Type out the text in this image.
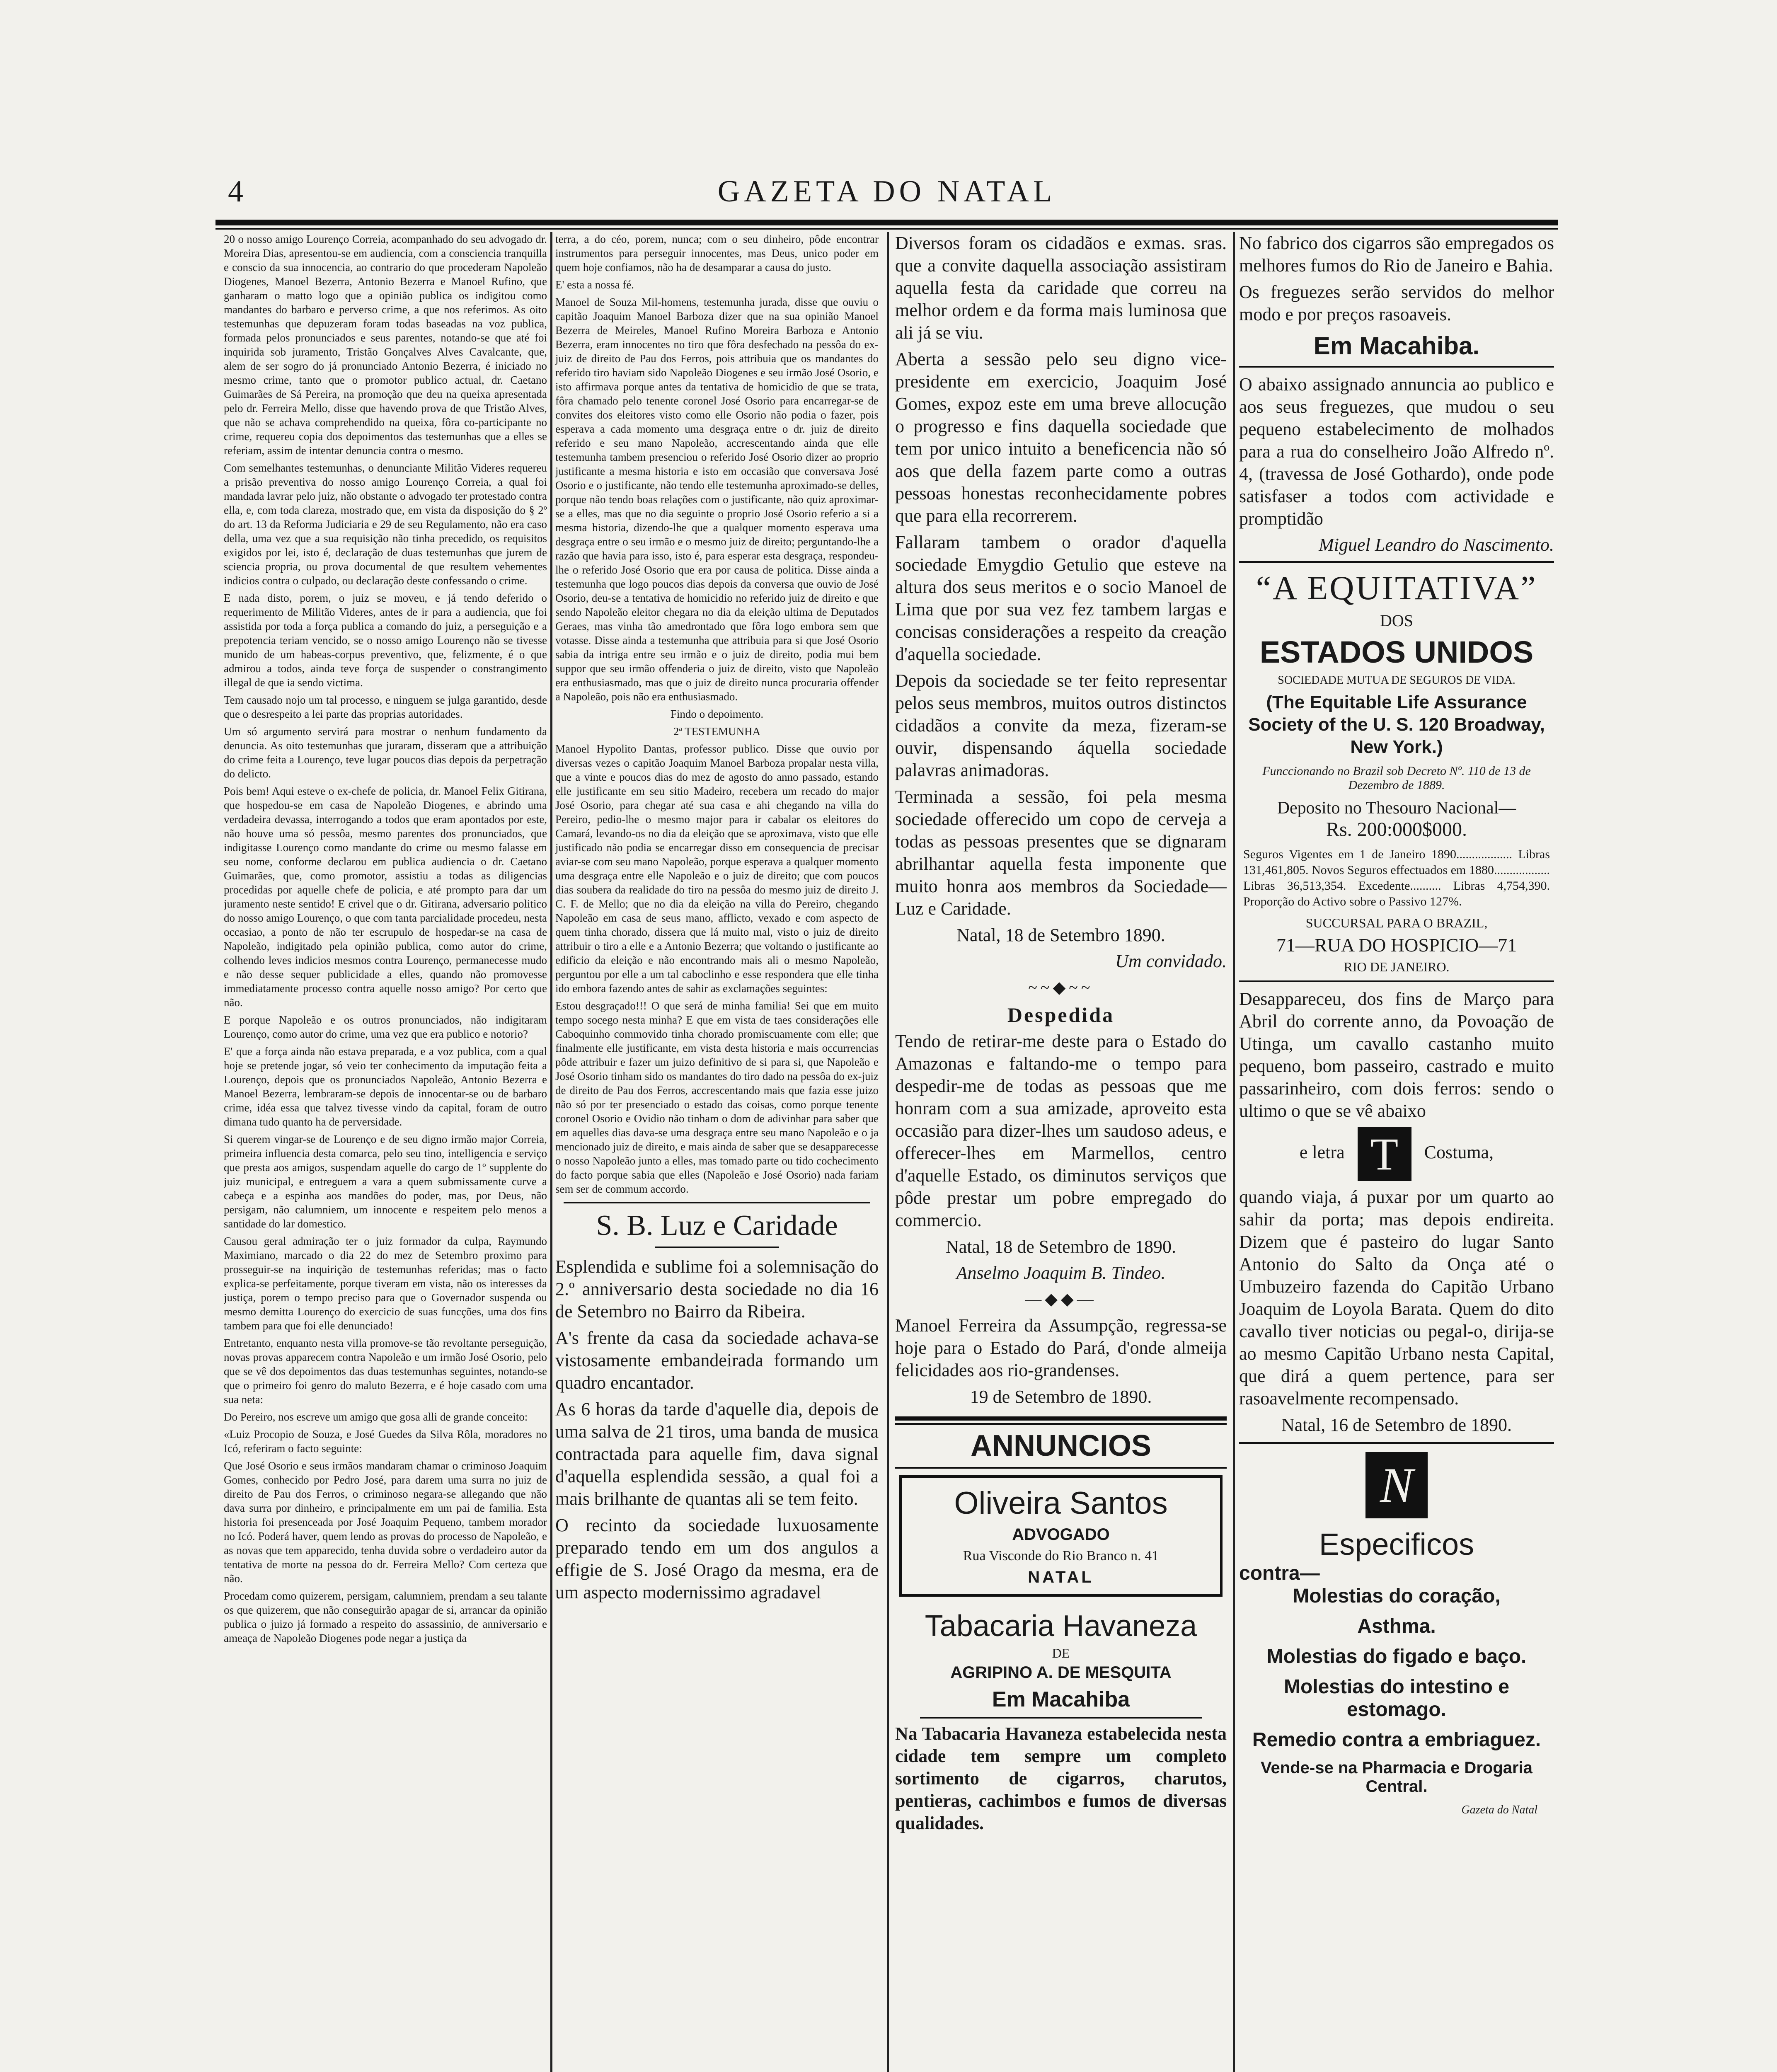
4	GAZETA DO NATAL

20 o nosso amigo Lourenço Correia, acompanhado do seu advogado dr. Moreira Dias, apresentou-se em audiencia, com a consciencia tranquilla e conscio da sua innocencia, ao contrario do que procederam Napoleão Diogenes, Manoel Bezerra, Antonio Bezerra e Manoel Rufino, que ganharam o matto logo que a opinião publica os indigitou como mandantes do barbaro e perverso crime, a que nos referimos. As oito testemunhas que depuzeram foram todas baseadas na voz publica, formada pelos pronunciados e seus parentes, notando-se que até foi inquirida sob juramento, Tristão Gonçalves Alves Cavalcante, que, alem de ser sogro do já pronunciado Antonio Bezerra, é iniciado no mesmo crime, tanto que o promotor publico actual, dr. Caetano Guimarães de Sá Pereira, na promoção que deu na queixa apresentada pelo dr. Ferreira Mello, disse que havendo prova de que Tristão Alves, que não se achava comprehendido na queixa, fôra co-participante no crime, requereu copia dos depoimentos das testemunhas que a elles se referiam, assim de intentar denuncia contra o mesmo.

Com semelhantes testemunhas, o denunciante Militão Videres requereu a prisão preventiva do nosso amigo Lourenço Correia, a qual foi mandada lavrar pelo juiz, não obstante o advogado ter protestado contra ella, e, com toda clareza, mostrado que, em vista da disposição do § 2º do art. 13 da Reforma Judiciaria e 29 de seu Regulamento, não era caso della, uma vez que a sua requisição não tinha precedido, os requisitos exigidos por lei, isto é, declaração de duas testemunhas que jurem de sciencia propria, ou prova documental de que resultem vehementes indicios contra o culpado, ou declaração deste confessando o crime.

E nada disto, porem, o juiz se moveu, e já tendo deferido o requerimento de Militão Videres, antes de ir para a audiencia, que foi assistida por toda a força publica a comando do juiz, a perseguição e a prepotencia teriam vencido, se o nosso amigo Lourenço não se tivesse munido de um habeas-corpus preventivo, que, felizmente, é o que admirou a todos, ainda teve força de suspender o constrangimento illegal de que ia sendo victima.

Tem causado nojo um tal processo, e ninguem se julga garantido, desde que o desrespeito a lei parte das proprias autoridades.

Um só argumento servirá para mostrar o nenhum fundamento da denuncia. As oito testemunhas que juraram, disseram que a attribuição do crime feita a Lourenço, teve lugar poucos dias depois da perpetração do delicto.

Pois bem! Aqui esteve o ex-chefe de policia, dr. Manoel Felix Gitirana, que hospedou-se em casa de Napoleão Diogenes, e abrindo uma verdadeira devassa, interrogando a todos que eram apontados por este, não houve uma só pessôa, mesmo parentes dos pronunciados, que indigitasse Lourenço como mandante do crime ou mesmo falasse em seu nome, conforme declarou em publica audiencia o dr. Caetano Guimarães, que, como promotor, assistiu a todas as diligencias procedidas por aquelle chefe de policia, e até prompto para dar um juramento neste sentido! E crivel que o dr. Gitirana, adversario politico do nosso amigo Lourenço, o que com tanta parcialidade procedeu, nesta occasiao, a ponto de não ter escrupulo de hospedar-se na casa de Napoleão, indigitado pela opinião publica, como autor do crime, colhendo leves indicios mesmos contra Lourenço, permanecesse mudo e não desse sequer publicidade a elles, quando não promovesse immediatamente processo contra aquelle nosso amigo? Por certo que não.

E porque Napoleão e os outros pronunciados, não indigitaram Lourenço, como autor do crime, uma vez que era publico e notorio?

E' que a força ainda não estava preparada, e a voz publica, com a qual hoje se pretende jogar, só veio ter conhecimento da imputação feita a Lourenço, depois que os pronunciados Napoleão, Antonio Bezerra e Manoel Bezerra, lembraram-se depois de innocentar-se ou de barbaro crime, idéa essa que talvez tivesse vindo da capital, foram de outro dimana tudo quanto ha de perversidade.

Si querem vingar-se de Lourenço e de seu digno irmão major Correia, primeira influencia desta comarca, pelo seu tino, intelligencia e serviço que presta aos amigos, suspendam aquelle do cargo de 1º supplente do juiz municipal, e entreguem a vara a quem submissamente curve a cabeça e a espinha aos mandões do poder, mas, por Deus, não persigam, não calumniem, um innocente e respeitem pelo menos a santidade do lar domestico.

Causou geral admiração ter o juiz formador da culpa, Raymundo Maximiano, marcado o dia 22 do mez de Setembro proximo para prosseguir-se na inquirição de testemunhas referidas; mas o facto explica-se perfeitamente, porque tiveram em vista, não os interesses da justiça, porem o tempo preciso para que o Governador suspenda ou mesmo demitta Lourenço do exercicio de suas funcções, uma dos fins tambem para que foi elle denunciado!

Entretanto, enquanto nesta villa promove-se tão revoltante perseguição, novas provas apparecem contra Napoleão e um irmão José Osorio, pelo que se vê dos depoimentos das duas testemunhas seguintes, notando-se que o primeiro foi genro do maluto Bezerra, e é hoje casado com uma sua neta:

Do Pereiro, nos escreve um amigo que gosa alli de grande conceito:

«Luiz Procopio de Souza, e José Guedes da Silva Rôla, moradores no Icó, referiram o facto seguinte:

Que José Osorio e seus irmãos mandaram chamar o criminoso Joaquim Gomes, conhecido por Pedro José, para darem uma surra no juiz de direito de Pau dos Ferros, o criminoso negara-se allegando que não dava surra por dinheiro, e principalmente em um pai de familia. Esta historia foi presenceada por José Joaquim Pequeno, tambem morador no Icó. Poderá haver, quem lendo as provas do processo de Napoleão, e as novas que tem apparecido, tenha duvida sobre o verdadeiro autor da tentativa de morte na pessoa do dr. Ferreira Mello? Com certeza que não.

Procedam como quizerem, persigam, calumniem, prendam a seu talante os que quizerem, que não conseguirão apagar de si, arrancar da opinião publica o juizo já formado a respeito do assassinio, de anniversario e ameaça de Napoleão Diogenes pode negar a justiça da

terra, a do céo, porem, nunca; com o seu dinheiro, pôde encontrar instrumentos para perseguir innocentes, mas Deus, unico poder em quem hoje confiamos, não ha de desamparar a causa do justo.

E' esta a nossa fé.

Manoel de Souza Mil-homens, testemunha jurada, disse que ouviu o capitão Joaquim Manoel Barboza dizer que na sua opinião Manoel Bezerra de Meireles, Manoel Rufino Moreira Barboza e Antonio Bezerra, eram innocentes no tiro que fôra desfechado na pessôa do ex-juiz de direito de Pau dos Ferros, pois attribuia que os mandantes do referido tiro haviam sido Napoleão Diogenes e seu irmão José Osorio, e isto affirmava porque antes da tentativa de homicidio de que se trata, fôra chamado pelo tenente coronel José Osorio para encarregar-se de convites dos eleitores visto como elle Osorio não podia o fazer, pois esperava a cada momento uma desgraça entre o dr. juiz de direito referido e seu mano Napoleão, accrescentando ainda que elle testemunha tambem presenciou o referido José Osorio dizer ao proprio justificante a mesma historia e isto em occasião que conversava José Osorio e o justificante, não tendo elle testemunha aproximado-se delles, porque não tendo boas relações com o justificante, não quiz aproximar-se a elles, mas que no dia seguinte o proprio José Osorio referio a si a mesma historia, dizendo-lhe que a qualquer momento esperava uma desgraça entre o seu irmão e o mesmo juiz de direito; perguntando-lhe a razão que havia para isso, isto é, para esperar esta desgraça, respondeu-lhe o referido José Osorio que era por causa de politica. Disse ainda a testemunha que logo poucos dias depois da conversa que ouvio de José Osorio, deu-se a tentativa de homicidio no referido juiz de direito e que sendo Napoleão eleitor chegara no dia da eleição ultima de Deputados Geraes, mas vinha tão amedrontado que fôra logo embora sem que votasse. Disse ainda a testemunha que attribuia para si que José Osorio sabia da intriga entre seu irmão e o juiz de direito, podia mui bem suppor que seu irmão offenderia o juiz de direito, visto que Napoleão era enthusiasmado, mas que o juiz de direito nunca procuraria offender a Napoleão, pois não era enthusiasmado.

Findo o depoimento.

2ª TESTEMUNHA

Manoel Hypolito Dantas, professor publico. Disse que ouvio por diversas vezes o capitão Joaquim Manoel Barboza propalar nesta villa, que a vinte e poucos dias do mez de agosto do anno passado, estando elle justificante em seu sitio Madeiro, recebera um recado do major José Osorio, para chegar até sua casa e ahi chegando na villa do Pereiro, pedio-lhe o mesmo major para ir cabalar os eleitores do Camará, levando-os no dia da eleição que se aproximava, visto que elle justificado não podia se encarregar disso em consequencia de precisar aviar-se com seu mano Napoleão, porque esperava a qualquer momento uma desgraça entre elle Napoleão e o juiz de direito; que com poucos dias soubera da realidade do tiro na pessôa do mesmo juiz de direito J. C. F. de Mello; que no dia da eleição na villa do Pereiro, chegando Napoleão em casa de seus mano, afflicto, vexado e com aspecto de quem tinha chorado, dissera que lá muito mal, visto o juiz de direito attribuir o tiro a elle e a Antonio Bezerra; que voltando o justificante ao edificio da eleição e não encontrando mais ali o mesmo Napoleão, perguntou por elle a um tal caboclinho e esse respondera que elle tinha ido embora fazendo antes de sahir as exclamações seguintes:

Estou desgraçado!!! O que será de minha familia! Sei que em muito tempo socego nesta minha? E que em vista de taes considerações elle Caboquinho commovido tinha chorado promiscuamente com elle; que finalmente elle justificante, em vista desta historia e mais occurrencias pôde attribuir e fazer um juizo definitivo de si para si, que Napoleão e José Osorio tinham sido os mandantes do tiro dado na pessôa do ex-juiz de direito de Pau dos Ferros, accrescentando mais que fazia esse juizo não só por ter presenciado o estado das coisas, como porque tenente coronel Osorio e Ovidio não tinham o dom de adivinhar para saber que em aquelles dias dava-se uma desgraça entre seu mano Napoleão e o ja mencionado juiz de direito, e mais ainda de saber que se desapparecesse o nosso Napoleão junto a elles, mas tomado parte ou tido cochecimento do facto porque sabia que elles (Napoleão e José Osorio) nada fariam sem ser de commum accordo.

S. B. Luz e Caridade

Esplendida e sublime foi a solemnisação do 2.º anniversario desta sociedade no dia 16 de Setembro no Bairro da Ribeira.

A's frente da casa da sociedade achava-se vistosamente embandeirada formando um quadro encantador.

As 6 horas da tarde d'aquelle dia, depois de uma salva de 21 tiros, uma banda de musica contractada para aquelle fim, dava signal d'aquella esplendida sessão, a qual foi a mais brilhante de quantas ali se tem feito.

O recinto da sociedade luxuosamente preparado tendo em um dos angulos a effigie de S. José Orago da mesma, era de um aspecto modernissimo agradavel

Diversos foram os cidadãos e exmas. sras. que a convite daquella associação assistiram aquella festa da caridade que correu na melhor ordem e da forma mais luminosa que ali já se viu.

Aberta a sessão pelo seu digno vice-presidente em exercicio, Joaquim José Gomes, expoz este em uma breve allocução o progresso e fins daquella sociedade que tem por unico intuito a beneficencia não só aos que della fazem parte como a outras pessoas honestas reconhecidamente pobres que para ella recorrerem.

Fallaram tambem o orador d'aquella sociedade Emygdio Getulio que esteve na altura dos seus meritos e o socio Manoel de Lima que por sua vez fez tambem largas e concisas considerações a respeito da creação d'aquella sociedade.

Depois da sociedade se ter feito representar pelos seus membros, muitos outros distinctos cidadãos a convite da meza, fizeram-se ouvir, dispensando áquella sociedade palavras animadoras.

Terminada a sessão, foi pela mesma sociedade offerecido um copo de cerveja a todas as pessoas presentes que se dignaram abrilhantar aquella festa imponente que muito honra aos membros da Sociedade—Luz e Caridade.

Natal, 18 de Setembro 1890.

Um convidado.

~~◆~~
Despedida

Tendo de retirar-me deste para o Estado do Amazonas e faltando-me o tempo para despedir-me de todas as pessoas que me honram com a sua amizade, aproveito esta occasião para dizer-lhes um saudoso adeus, e offerecer-lhes em Marmellos, centro d'aquelle Estado, os diminutos serviços que pôde prestar um pobre empregado do commercio.

Natal, 18 de Setembro de 1890.

Anselmo Joaquim B. Tindeo.

—◆◆—

Manoel Ferreira da Assumpção, regressa-se hoje para o Estado do Pará, d'onde almeija felicidades aos rio-grandenses.

19 de Setembro de 1890.

ANNUNCIOS
Oliveira Santos
ADVOGADO
Rua Visconde do Rio Branco n. 41
NATAL
Tabacaria Havaneza
DE
AGRIPINO A. DE MESQUITA
Em Macahiba

Na Tabacaria Havaneza estabelecida nesta cidade tem sempre um completo sortimento de cigarros, charutos, pentieras, cachimbos e fumos de diversas qualidades.

No fabrico dos cigarros são empregados os melhores fumos do Rio de Janeiro e Bahia.

Os freguezes serão servidos do melhor modo e por preços rasoaveis.

Em Macahiba.

O abaixo assignado annuncia ao publico e aos seus freguezes, que mudou o seu pequeno estabelecimento de molhados para a rua do conselheiro João Alfredo nº. 4, (travessa de José Gothardo), onde pode satisfaser a todos com actividade e promptidão

Miguel Leandro do Nascimento.

“A EQUITATIVA”
DOS
ESTADOS UNIDOS
SOCIEDADE MUTUA DE SEGUROS DE VIDA.
(The Equitable Life Assurance Society of the U. S. 120 Broadway, New York.)
Funccionando no Brazil sob Decreto Nº. 110 de 13 de Dezembro de 1889.
Deposito no Thesouro Nacional—
Rs. 200:000$000.

Seguros Vigentes em 1 de Janeiro 1890.................. Libras 131,461,805. Novos Seguros effectuados em 1880.................. Libras 36,513,354. Excedente.......... Libras 4,754,390. Proporção do Activo sobre o Passivo 127%.

SUCCURSAL PARA O BRAZIL,
71—RUA DO HOSPICIO—71
RIO DE JANEIRO.

Desappareceu, dos fins de Março para Abril do corrente anno, da Povoação de Utinga, um cavallo castanho muito pequeno, bom passeiro, castrado e muito passarinheiro, com dois ferros: sendo o ultimo o que se vê abaixo

e letra T Costuma,

quando viaja, á puxar por um quarto ao sahir da porta; mas depois endireita. Dizem que é pasteiro do lugar Santo Antonio do Salto da Onça até o Umbuzeiro fazenda do Capitão Urbano Joaquim de Loyola Barata. Quem do dito cavallo tiver noticias ou pegal-o, dirija-se ao mesmo Capitão Urbano nesta Capital, que dirá a quem pertence, para ser rasoavelmente recompensado.

Natal, 16 de Setembro de 1890.

N
Especificos
contra—
Molestias do coração,
Asthma.
Molestias do figado e baço.
Molestias do intestino e estomago.
Remedio contra a embriaguez.
Vende-se na Pharmacia e Drogaria Central.
Gazeta do Natal
